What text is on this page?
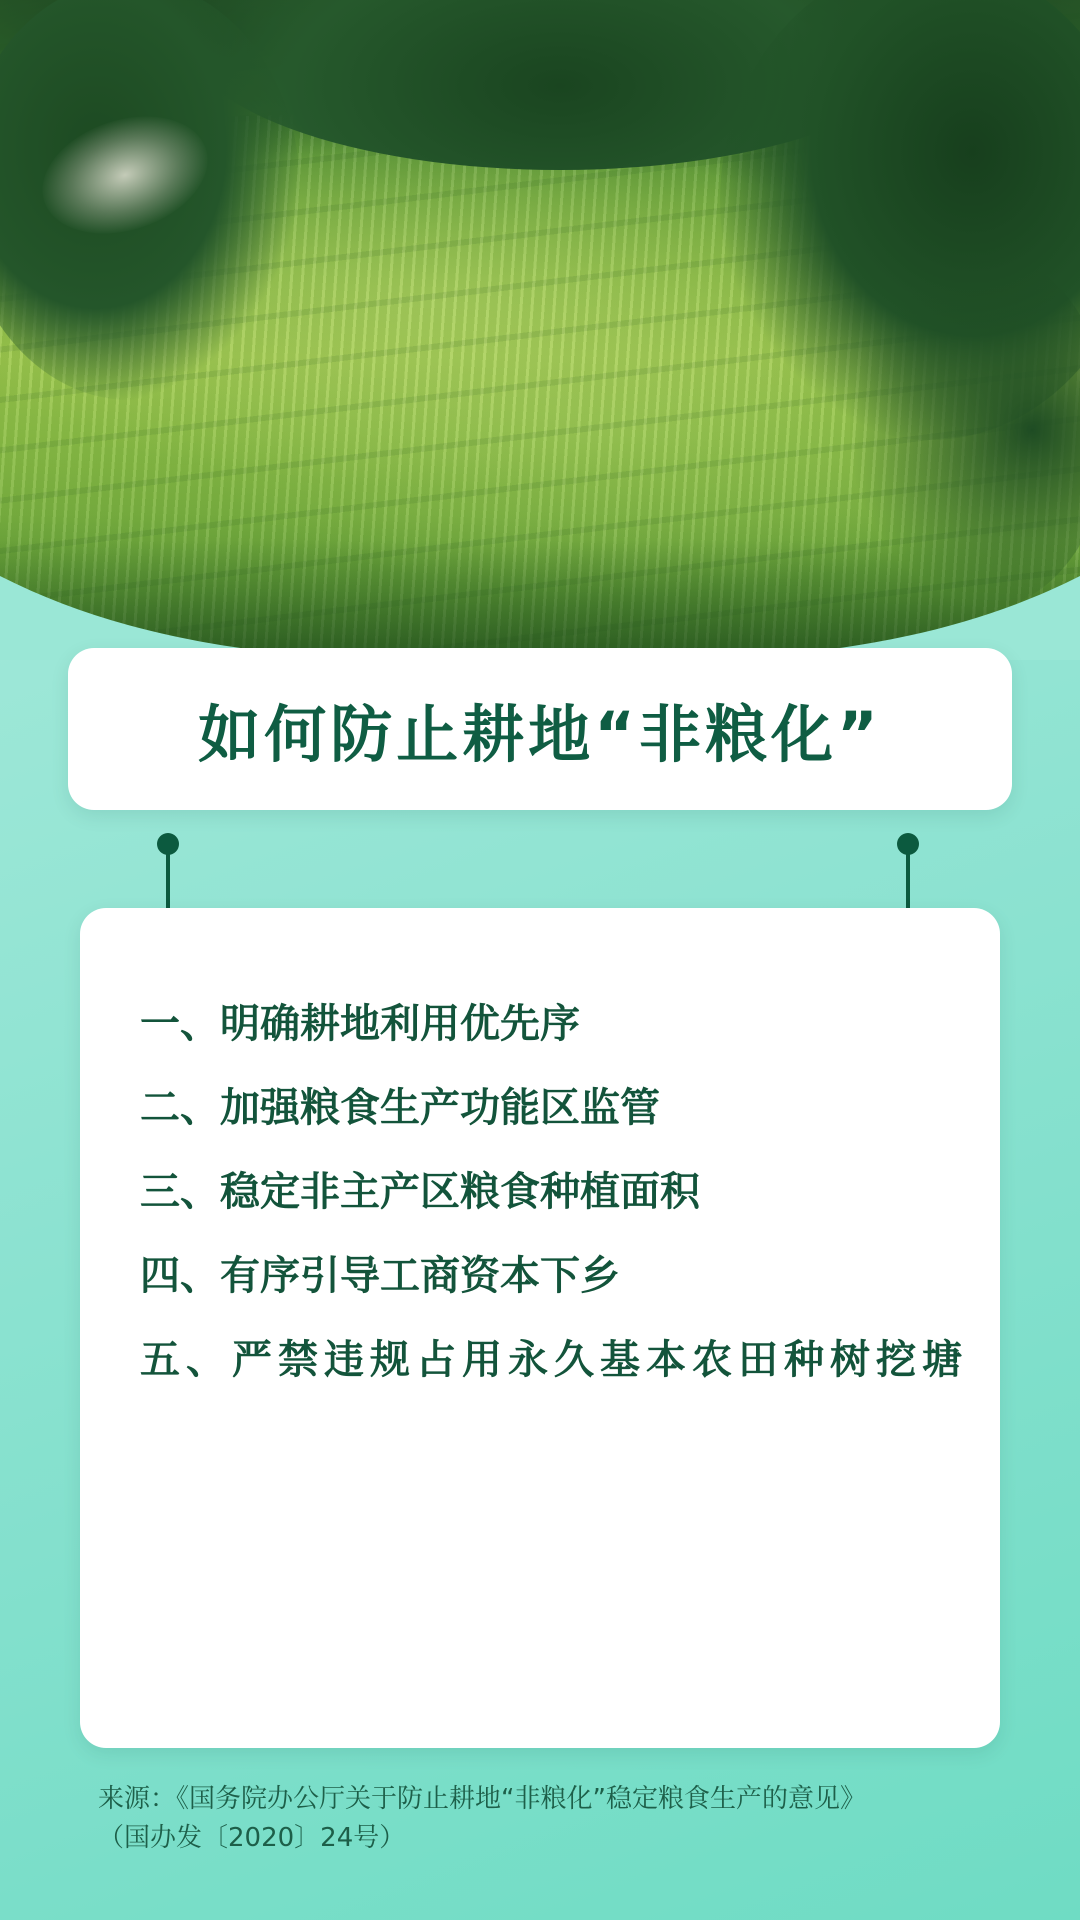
如何防止耕地“非粮化”

一、明确耕地利用优先序

二、加强粮食生产功能区监管

三、稳定非主产区粮食种植面积

四、有序引导工商资本下乡

五、严禁违规占用永久基本农田种树挖塘

来源：《国务院办公厅关于防止耕地“非粮化”稳定粮食生产的意见》
（国办发〔2020〕24号）
